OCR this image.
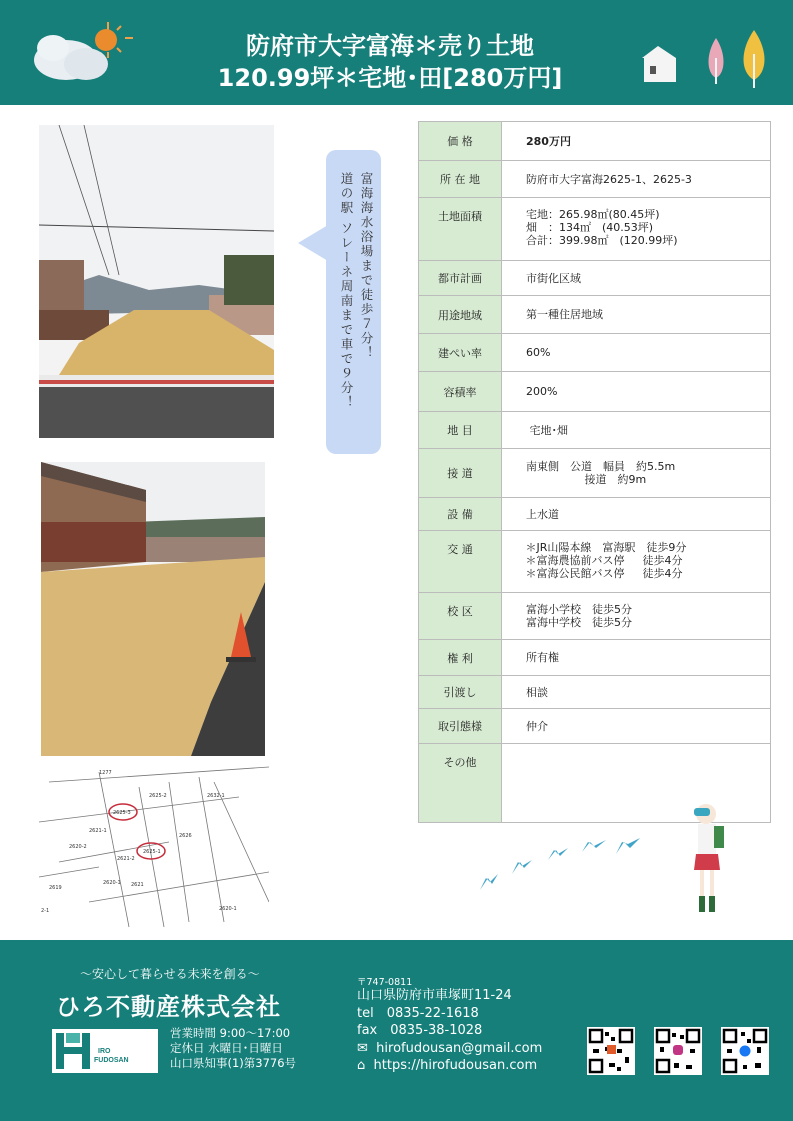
防府市大字富海＊売り土地
120.99坪＊宅地･田[280万円]
1277
2625-3
2625-2	2632-1
2621-1
2626
2620-2
2621-2
2625-1
2620-1 2621
2619
2-1	2620-1
富海海水浴場まで徒歩７分！
道の駅 ソレーネ周南まで車で９分！
価 格	280万円
所 在 地	防府市大字富海2625-1、2625-3
土地面積	宅地：265.98㎡(80.45坪)
畑　：134㎡　(40.53坪)
合計：399.98㎡　(120.99坪)
都市計画	市街化区域
用途地域	第一種住居地域
建ぺい率	60%
容積率	200%
地 目	宅地･畑
接 道	南東側　公道　幅員　約5.5m
　　　　　 接道　約9m
設 備	上水道
交 通	＊JR山陽本線　富海駅　徒歩9分
＊富海農協前バス停　  徒歩4分
＊富海公民館バス停　  徒歩4分
校 区	富海小学校　徒歩5分
富海中学校　徒歩5分
権 利	所有権
引渡し	相談
取引態様	仲介
その他	
～安心して暮らせる未来を創る～
ひろ不動産株式会社
IRO
FUDOSAN
営業時間 9:00～17:00
定休日 水曜日･日曜日
山口県知事(1)第3776号
〒747-0811
山口県防府市車塚町11-24
tel　0835-22-1618
fax　0835-38-1028
✉ hirofudousan@gmail.com
⌂ https://hirofudousan.com
